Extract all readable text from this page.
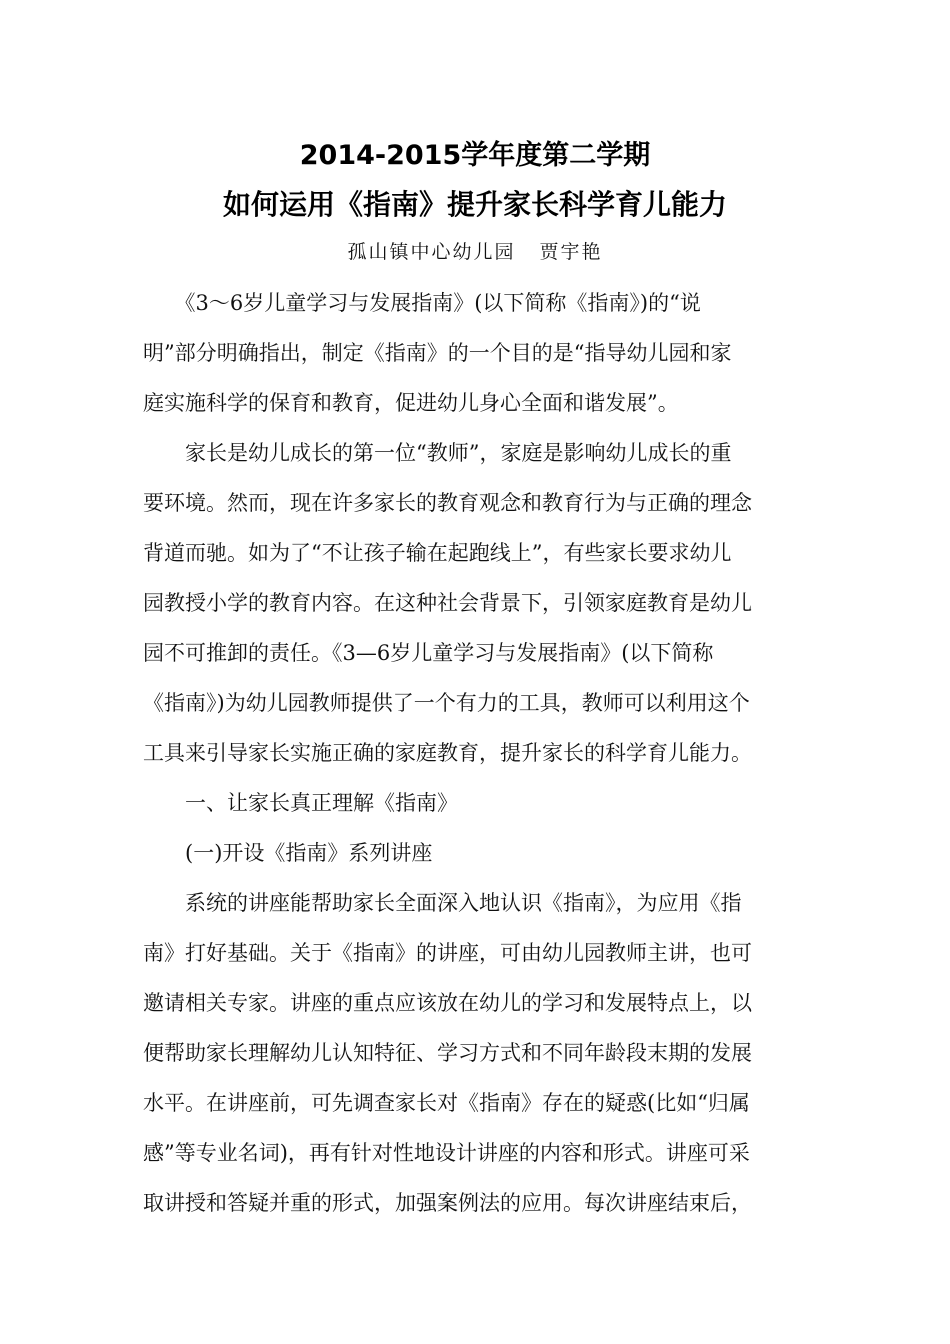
2014-2015学年度第二学期
如何运用《指南》提升家长科学育儿能力
孤山镇中心幼儿园   贾宇艳
　　《3～6岁儿童学习与发展指南》(以下简称《指南》)的“说
明”部分明确指出，制定《指南》的一个目的是“指导幼儿园和家
庭实施科学的保育和教育，促进幼儿身心全面和谐发展”。
　　家长是幼儿成长的第一位“教师”，家庭是影响幼儿成长的重
要环境。然而，现在许多家长的教育观念和教育行为与正确的理念
背道而驰。如为了“不让孩子输在起跑线上”，有些家长要求幼儿
园教授小学的教育内容。在这种社会背景下，引领家庭教育是幼儿
园不可推卸的责任。《3—6岁儿童学习与发展指南》(以下简称
《指南》)为幼儿园教师提供了一个有力的工具，教师可以利用这个
工具来引导家长实施正确的家庭教育，提升家长的科学育儿能力。
　　一、让家长真正理解《指南》
　　(一)开设《指南》系列讲座
　　系统的讲座能帮助家长全面深入地认识《指南》，为应用《指
南》打好基础。关于《指南》的讲座，可由幼儿园教师主讲，也可
邀请相关专家。讲座的重点应该放在幼儿的学习和发展特点上，以
便帮助家长理解幼儿认知特征、学习方式和不同年龄段末期的发展
水平。在讲座前，可先调查家长对《指南》存在的疑惑(比如“归属
感”等专业名词)，再有针对性地设计讲座的内容和形式。讲座可采
取讲授和答疑并重的形式，加强案例法的应用。每次讲座结束后，
